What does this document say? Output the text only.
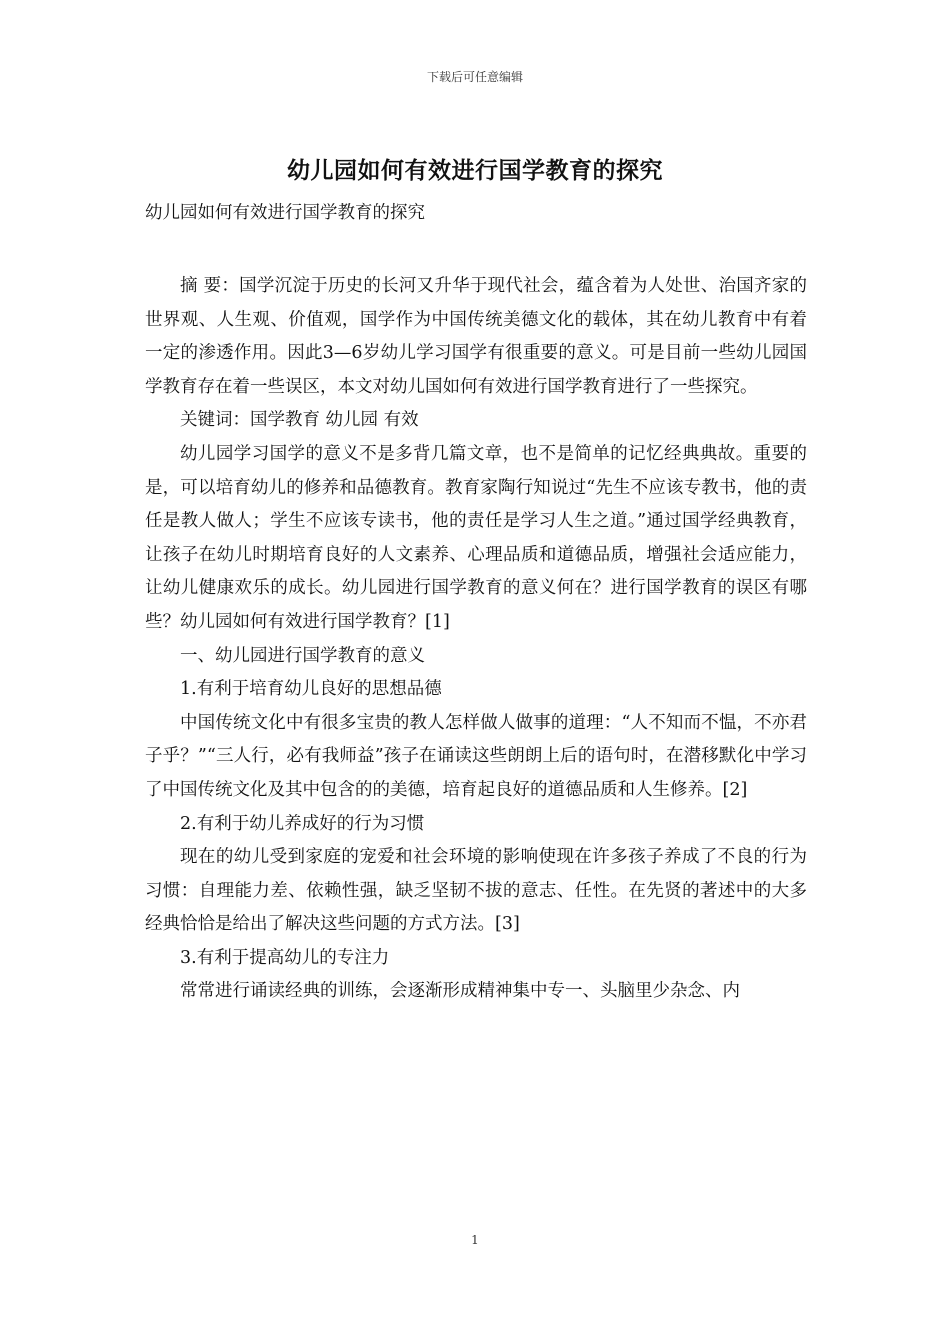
下载后可任意编辑
幼儿园如何有效进行国学教育的探究
幼儿园如何有效进行国学教育的探究

摘 要：国学沉淀于历史的长河又升华于现代社会，蕴含着为人处世、治国齐家的世界观、人生观、价值观，国学作为中国传统美德文化的载体，其在幼儿教育中有着一定的渗透作用。因此3—6岁幼儿学习国学有很重要的意义。可是目前一些幼儿园国学教育存在着一些误区，本文对幼儿国如何有效进行国学教育进行了一些探究。

关键词：国学教育 幼儿园 有效

幼儿园学习国学的意义不是多背几篇文章，也不是简单的记忆经典典故。重要的是，可以培育幼儿的修养和品德教育。教育家陶行知说过“先生不应该专教书，他的责任是教人做人；学生不应该专读书，他的责任是学习人生之道。”通过国学经典教育，让孩子在幼儿时期培育良好的人文素养、心理品质和道德品质，增强社会适应能力，让幼儿健康欢乐的成长。幼儿园进行国学教育的意义何在？进行国学教育的误区有哪些？幼儿园如何有效进行国学教育？[1]

一、幼儿园进行国学教育的意义

1.有利于培育幼儿良好的思想品德

中国传统文化中有很多宝贵的教人怎样做人做事的道理：“人不知而不愠，不亦君子乎？”“三人行，必有我师益”孩子在诵读这些朗朗上后的语句时，在潜移默化中学习了中国传统文化及其中包含的的美德，培育起良好的道德品质和人生修养。[2]

2.有利于幼儿养成好的行为习惯

现在的幼儿受到家庭的宠爱和社会环境的影响使现在许多孩子养成了不良的行为习惯：自理能力差、依赖性强，缺乏坚韧不拔的意志、任性。在先贤的著述中的大多经典恰恰是给出了解决这些问题的方式方法。[3]

3.有利于提高幼儿的专注力

常常进行诵读经典的训练，会逐渐形成精神集中专一、头脑里少杂念、内

1
